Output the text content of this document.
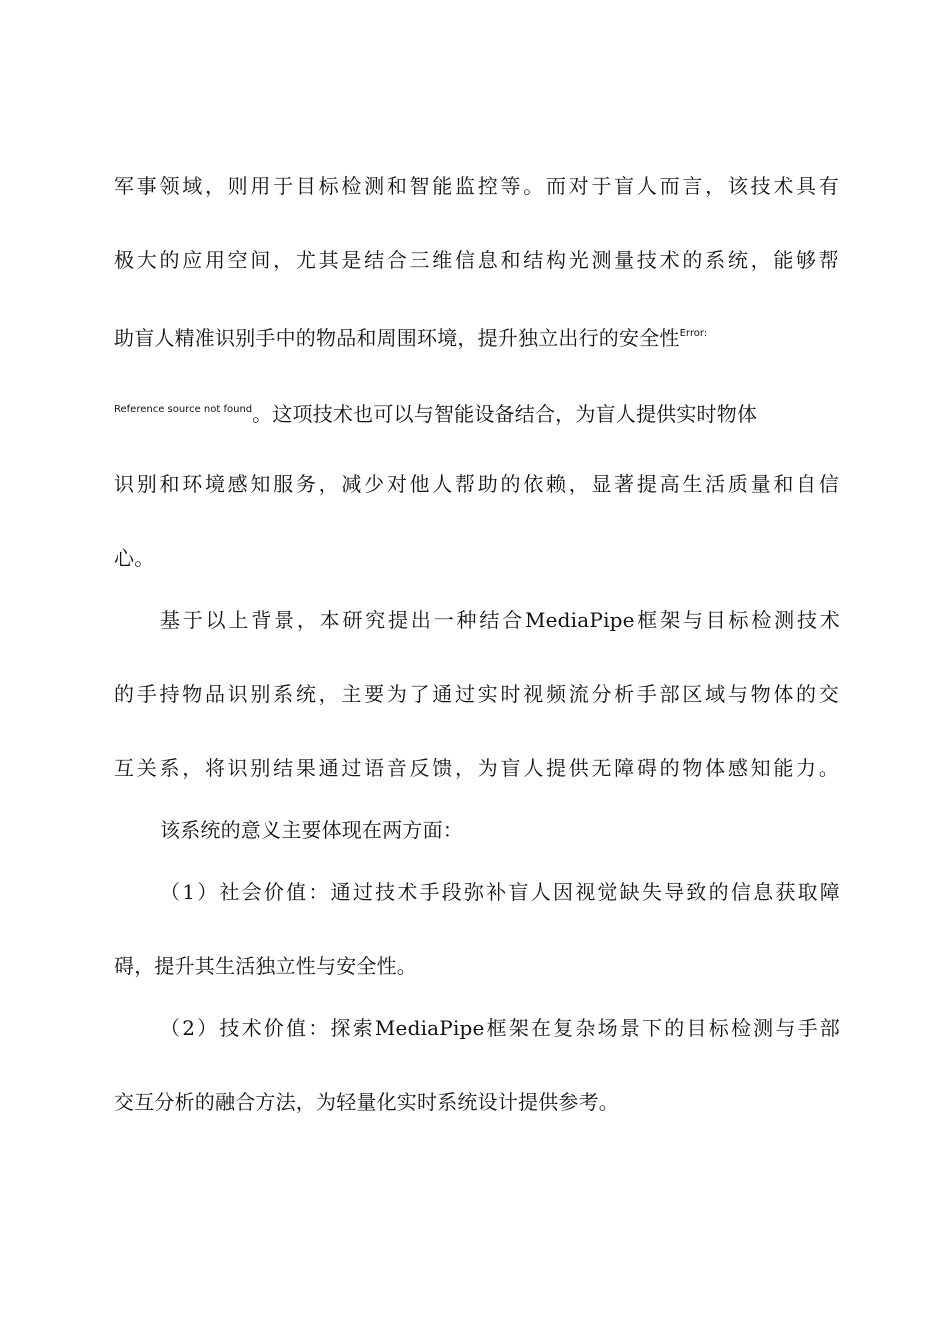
军事领域，则用于目标检测和智能监控等。而对于盲人而言，该技术具有
极大的应用空间，尤其是结合三维信息和结构光测量技术的系统，能够帮
助盲人精准识别手中的物品和周围环境，提升独立出行的安全性$^{Error:}$
$^{Reference source not found}$。这项技术也可以与智能设备结合，为盲人提供实时物体
识别和环境感知服务，减少对他人帮助的依赖，显著提高生活质量和自信
心。
基于以上背景，本研究提出一种结合MediaPipe框架与目标检测技术
的手持物品识别系统，主要为了通过实时视频流分析手部区域与物体的交
互关系，将识别结果通过语音反馈，为盲人提供无障碍的物体感知能力。
该系统的意义主要体现在两方面：
（1）社会价值：通过技术手段弥补盲人因视觉缺失导致的信息获取障
碍，提升其生活独立性与安全性。
（2）技术价值：探索MediaPipe框架在复杂场景下的目标检测与手部
交互分析的融合方法，为轻量化实时系统设计提供参考。
